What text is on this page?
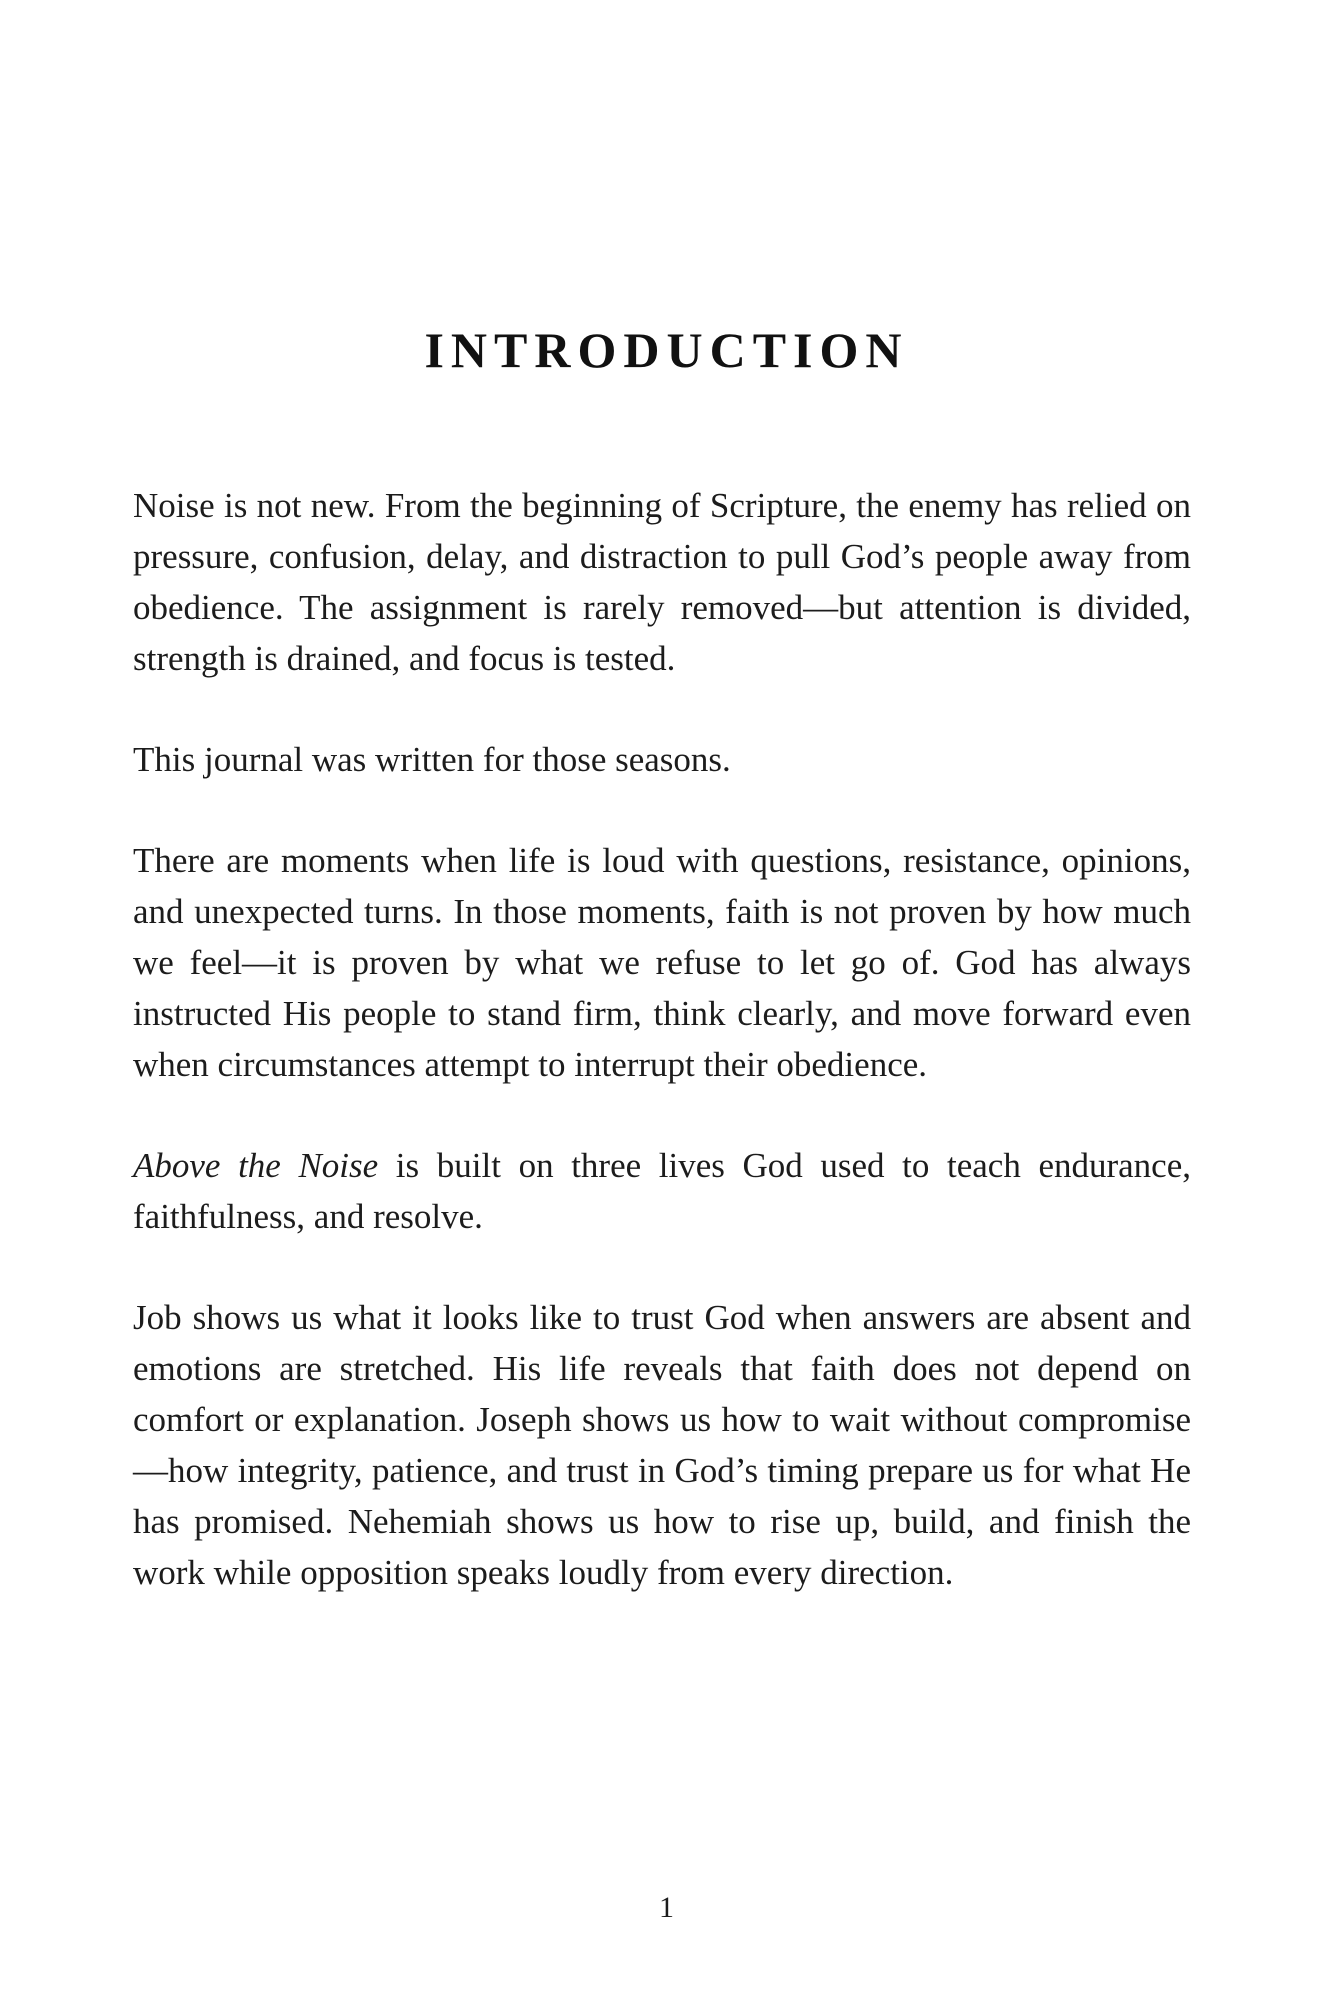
INTRODUCTION

Noise is not new. From the beginning of Scripture, the enemy has relied on pressure, confusion, delay, and distraction to pull God’s people away from obedience. The assignment is rarely removed—but attention is divided, strength is drained, and focus is tested.

This journal was written for those seasons.

There are moments when life is loud with questions, resistance, opinions, and unexpected turns. In those moments, faith is not proven by how much we feel—it is proven by what we refuse to let go of. God has always instructed His people to stand firm, think clearly, and move forward even when circumstances attempt to interrupt their obedience.

Above the Noise is built on three lives God used to teach endurance, faithfulness, and resolve.

Job shows us what it looks like to trust God when answers are absent and emotions are stretched. His life reveals that faith does not depend on comfort or explanation. Joseph shows us how to wait without compromise—how integrity, patience, and trust in God’s timing prepare us for what He has promised. Nehemiah shows us how to rise up, build, and finish the work while opposition speaks loudly from every direction.

1
